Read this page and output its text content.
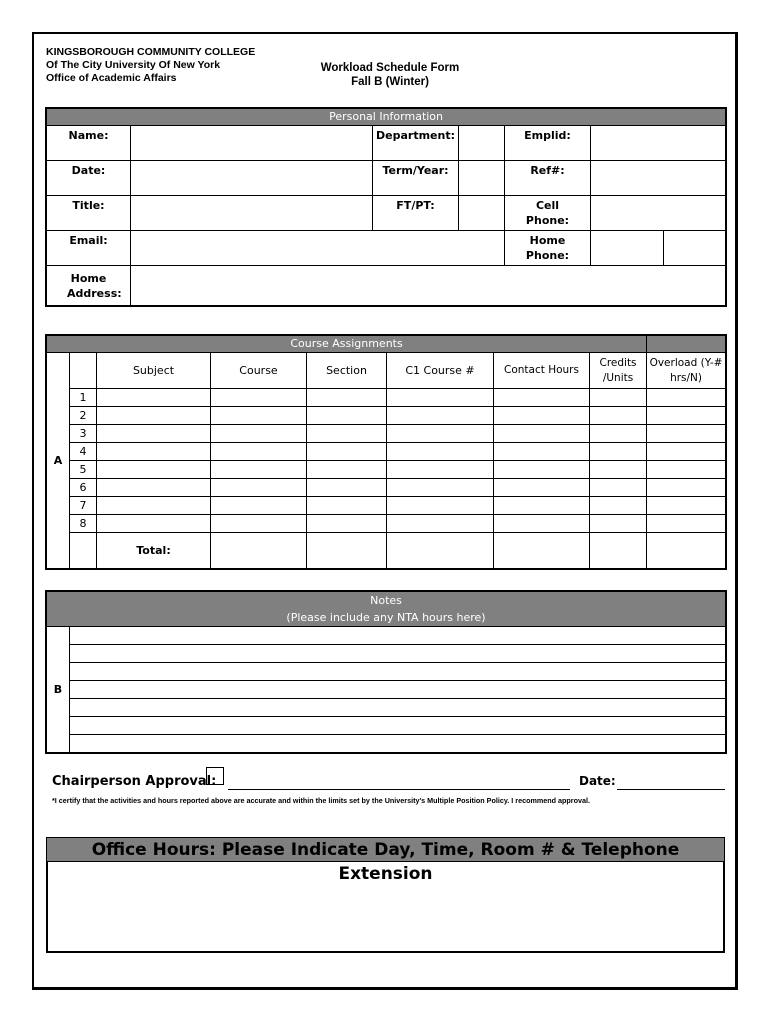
KINGSBOROUGH COMMUNITY COLLEGE
Of The City University Of New York
Office of Academic Affairs
Workload Schedule Form
Fall B (Winter)
Personal Information						
Name:		Department:		Emplid:		
Date:		Term/Year:		Ref#:		
Title:		FT/PT:		Cell Phone:		
Email:				Home Phone:		
Home Address:						
Course Assignments								
A		Subject	Course	Section	C1 Course #	Contact Hours	Credits /Units	Overload (Y-# hrs/N)
	1							
	2							
	3							
	4							
	5							
	6							
	7							
	8							
		Total:						
Notes
(Please include any NTA hours here)
B	

Chairperson Approval:	Date:
*I certify that the activities and hours reported above are accurate and within the limits set by the University's Multiple Position Policy. I recommend approval.
Office Hours: Please Indicate Day, Time, Room # & Telephone Extension
